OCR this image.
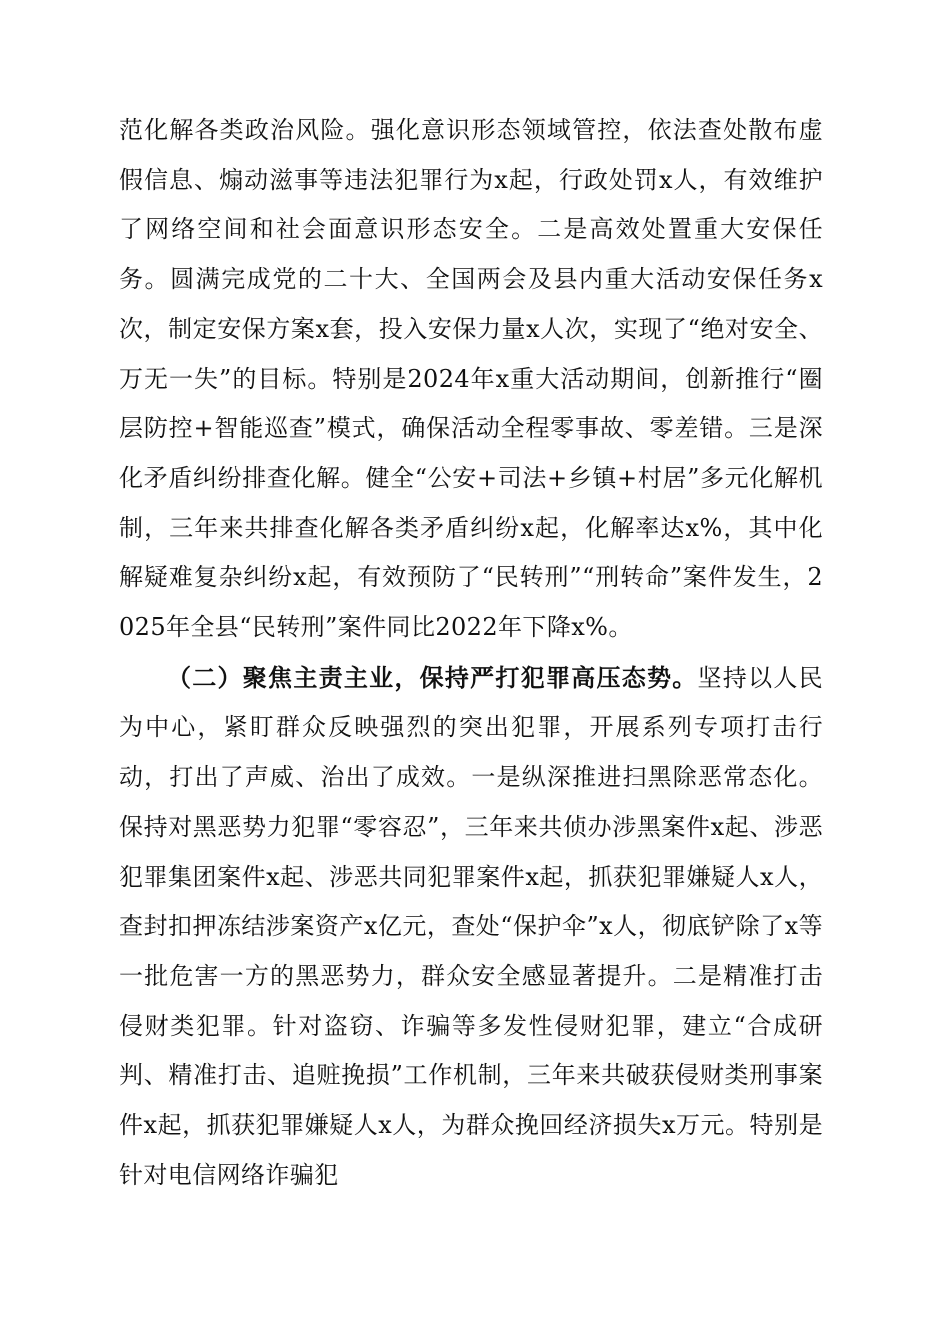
范化解各类政治风险。强化意识形态领域管控，依法查处散布虚假信息、煽动滋事等违法犯罪行为x起，行政处罚x人，有效维护了网络空间和社会面意识形态安全。二是高效处置重大安保任务。圆满完成党的二十大、全国两会及县内重大活动安保任务x次，制定安保方案x套，投入安保力量x人次，实现了“绝对安全、万无一失”的目标。特别是2024年x重大活动期间，创新推行“圈层防控+智能巡查”模式，确保活动全程零事故、零差错。三是深化矛盾纠纷排查化解。健全“公安+司法+乡镇+村居”多元化解机制，三年来共排查化解各类矛盾纠纷x起，化解率达x%，其中化解疑难复杂纠纷x起，有效预防了“民转刑”“刑转命”案件发生，2025年全县“民转刑”案件同比2022年下降x%。

（二）聚焦主责主业，保持严打犯罪高压态势。坚持以人民为中心，紧盯群众反映强烈的突出犯罪，开展系列专项打击行动，打出了声威、治出了成效。一是纵深推进扫黑除恶常态化。保持对黑恶势力犯罪“零容忍”，三年来共侦办涉黑案件x起、涉恶犯罪集团案件x起、涉恶共同犯罪案件x起，抓获犯罪嫌疑人x人，查封扣押冻结涉案资产x亿元，查处“保护伞”x人，彻底铲除了x等一批危害一方的黑恶势力，群众安全感显著提升。二是精准打击侵财类犯罪。针对盗窃、诈骗等多发性侵财犯罪，建立“合成研判、精准打击、追赃挽损”工作机制，三年来共破获侵财类刑事案件x起，抓获犯罪嫌疑人x人，为群众挽回经济损失x万元。特别是针对电信网络诈骗犯
